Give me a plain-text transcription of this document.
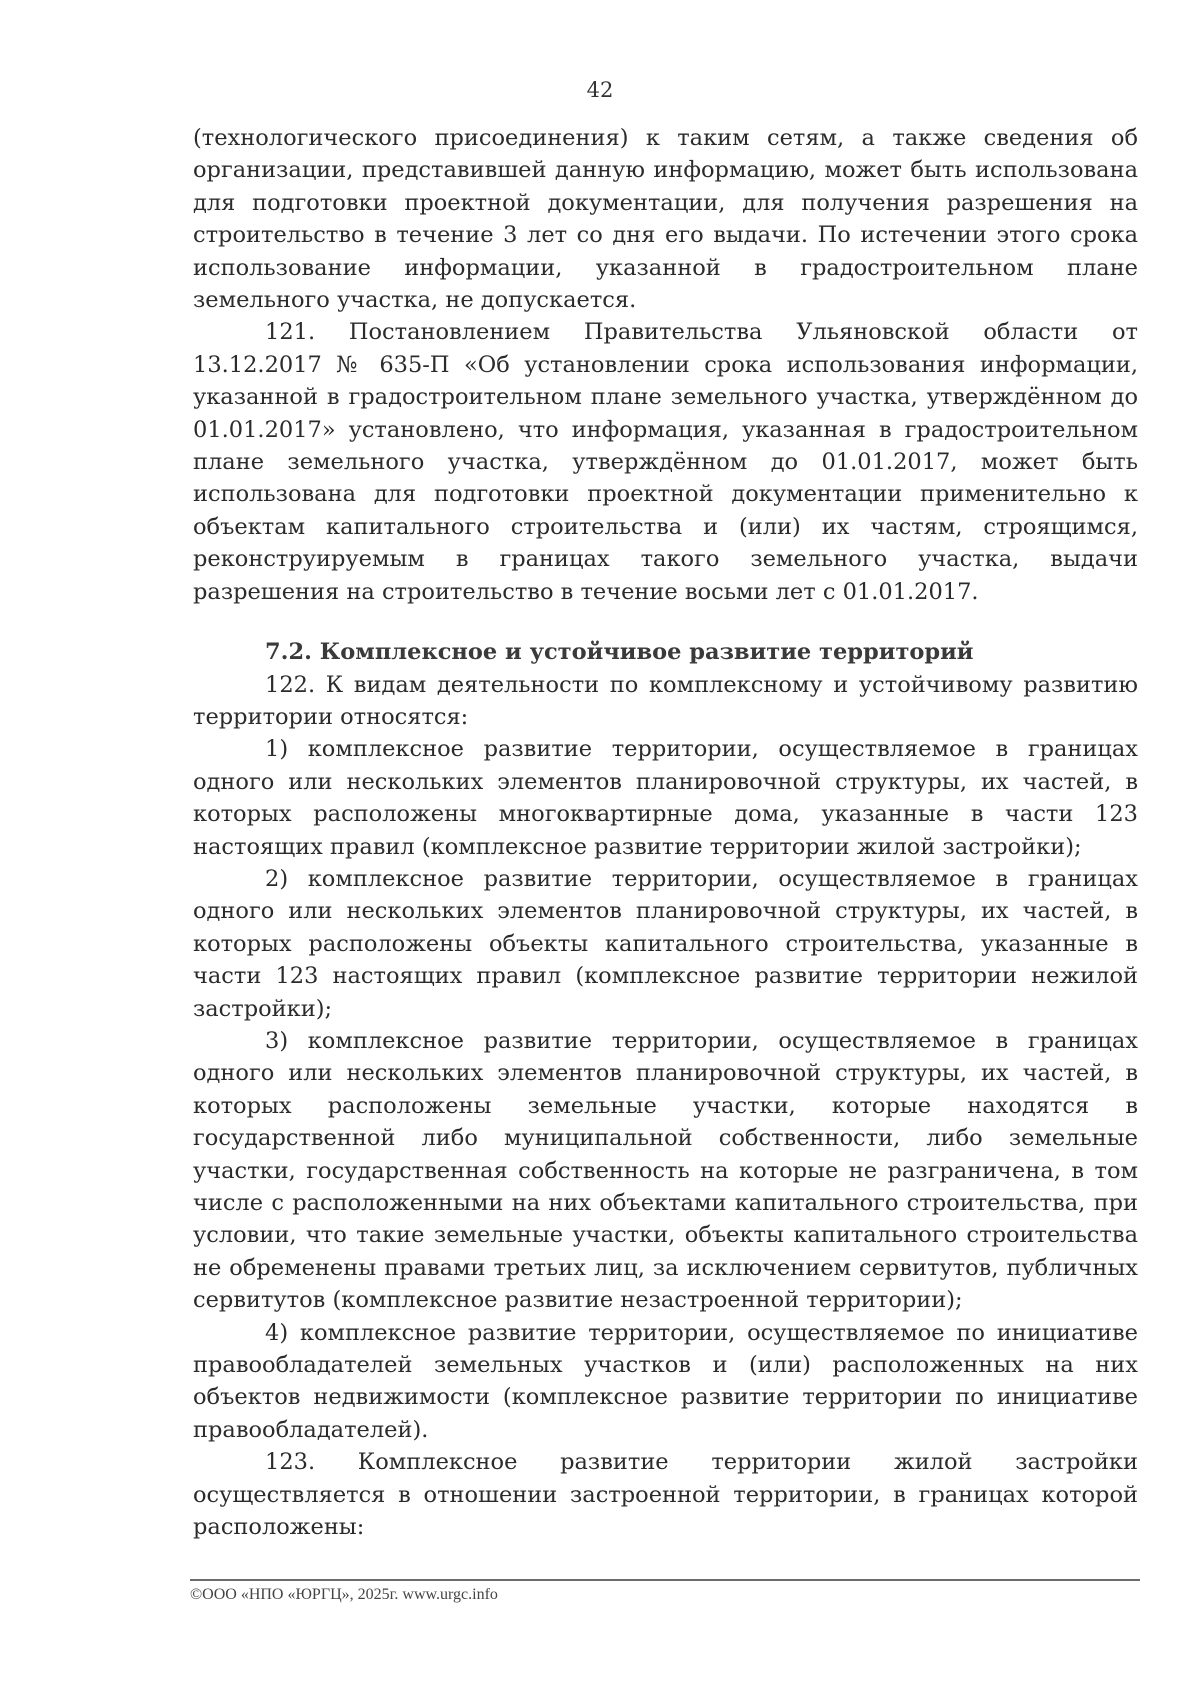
42

(технологического присоединения) к таким сетям, а также сведения об организации, представившей данную информацию, может быть использована для подготовки проектной документации, для получения разрешения на строительство в течение 3 лет со дня его выдачи. По истечении этого срока использование информации, указанной в градостроительном плане земельного участка, не допускается.

121. Постановлением Правительства Ульяновской области от 13.12.2017 № 635-П «Об установлении срока использования информации, указанной в градостроительном плане земельного участка, утверждённом до 01.01.2017» установлено, что информация, указанная в градостроительном плане земельного участка, утверждённом до 01.01.2017, может быть использована для подготовки проектной документации применительно к объектам капитального строительства и (или) их частям, строящимся, реконструируемым в границах такого земельного участка, выдачи разрешения на строительство в течение восьми лет с 01.01.2017.

7.2. Комплексное и устойчивое развитие территорий

122. К видам деятельности по комплексному и устойчивому развитию территории относятся:

1) комплексное развитие территории, осуществляемое в границах одного или нескольких элементов планировочной структуры, их частей, в которых расположены многоквартирные дома, указанные в части 123 настоящих правил (комплексное развитие территории жилой застройки);

2) комплексное развитие территории, осуществляемое в границах одного или нескольких элементов планировочной структуры, их частей, в которых расположены объекты капитального строительства, указанные в части 123 настоящих правил (комплексное развитие территории нежилой застройки);

3) комплексное развитие территории, осуществляемое в границах одного или нескольких элементов планировочной структуры, их частей, в которых расположены земельные участки, которые находятся в государственной либо муниципальной собственности, либо земельные участки, государственная собственность на которые не разграничена, в том числе с расположенными на них объектами капитального строительства, при условии, что такие земельные участки, объекты капитального строительства не обременены правами третьих лиц, за исключением сервитутов, публичных сервитутов (комплексное развитие незастроенной территории);

4) комплексное развитие территории, осуществляемое по инициативе правообладателей земельных участков и (или) расположенных на них объектов недвижимости (комплексное развитие территории по инициативе правообладателей).

123. Комплексное развитие территории жилой застройки осуществляется в отношении застроенной территории, в границах которой расположены:

©ООО «НПО «ЮРГЦ», 2025г. www.urgc.info
